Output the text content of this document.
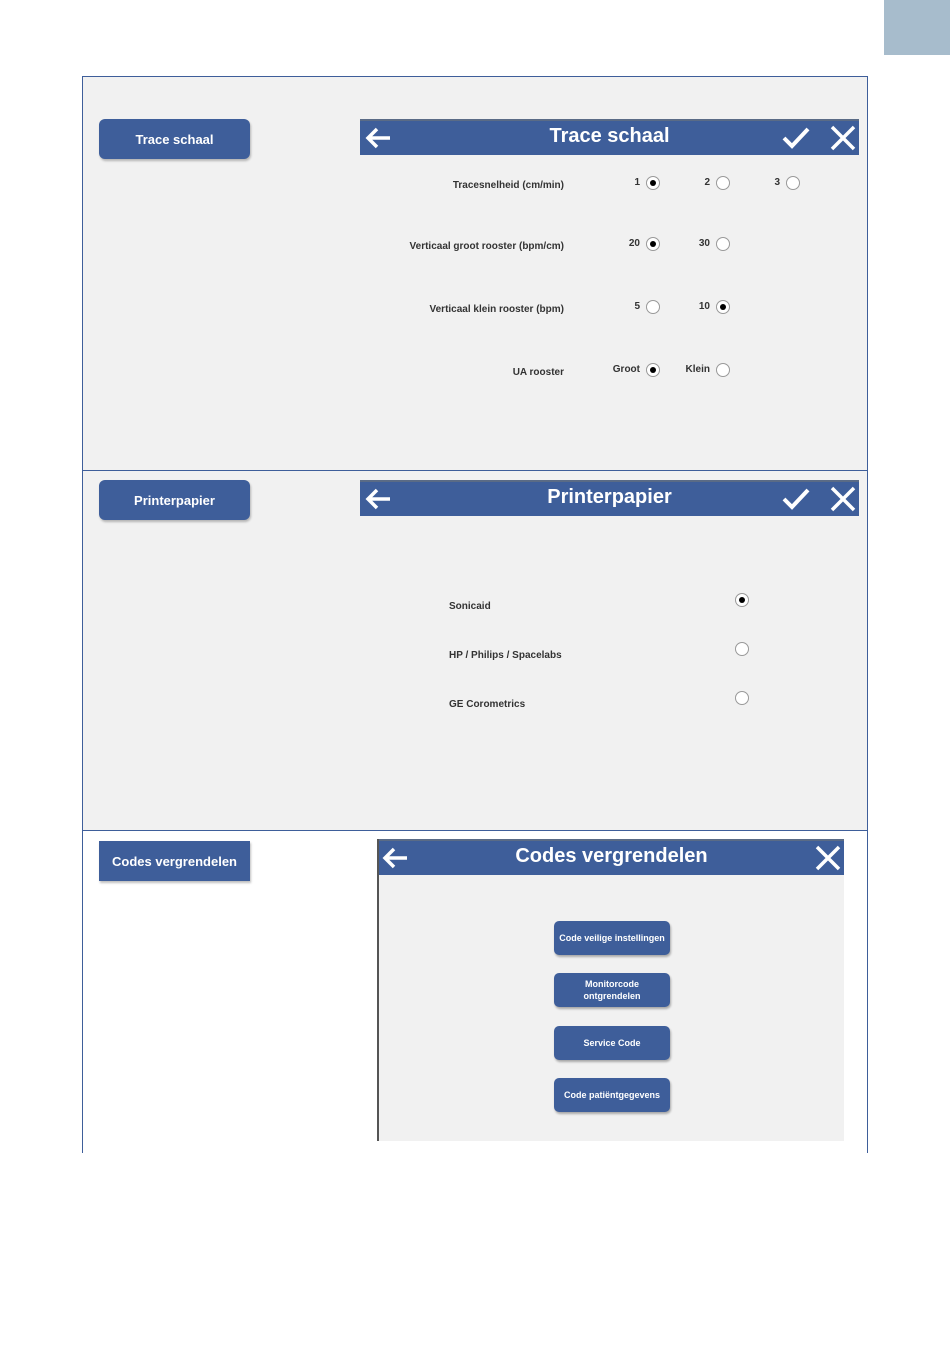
Trace schaal	Trace schaal
Tracesnelheid (cm/min)	1	2	3
Verticaal groot rooster (bpm/cm)	20	30
Verticaal klein rooster (bpm)	5	10
UA rooster	Groot	Klein
Printerpapier	Printerpapier
Sonicaid
HP / Philips / Spacelabs
GE Corometrics
Codes vergrendelen	Codes vergrendelen
Code veilige instellingen
Monitorcode
ontgrendelen
Service Code
Code patiëntgegevens
